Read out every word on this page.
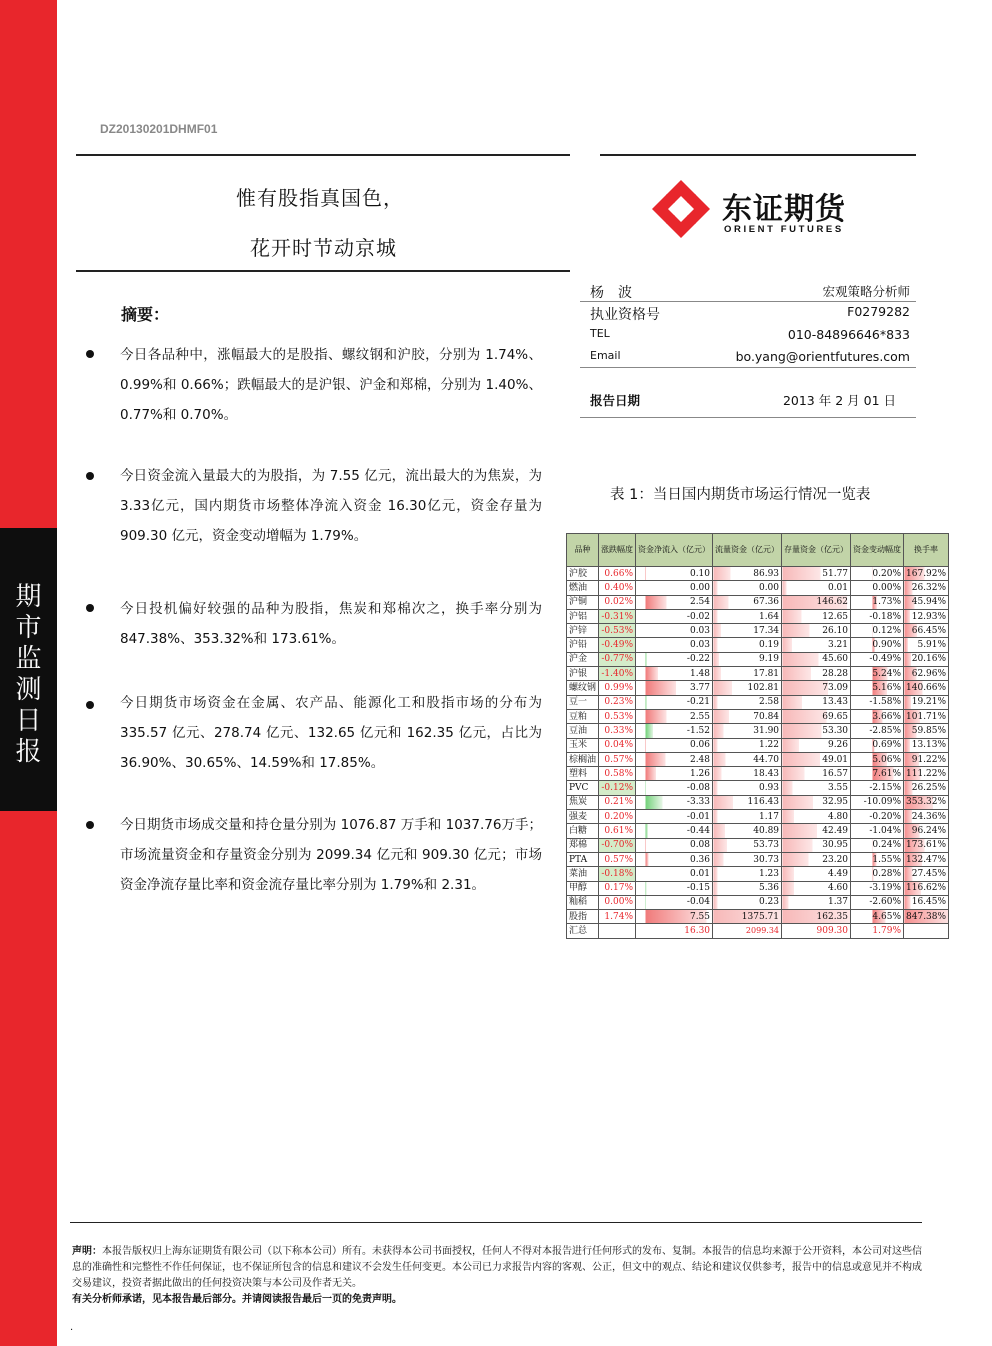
期
市
监
测
日
报
DZ20130201DHMF01
惟有股指真国色，
花开时节动京城
东证期货
ORIENT FUTURES
摘要：
今日各品种中，涨幅最大的是股指、螺纹钢和沪胶，分别为 1.74%、0.99%和 0.66%；跌幅最大的是沪银、沪金和郑棉，分别为 1.40%、0.77%和 0.70%。
今日资金流入量最大的为股指，为 7.55 亿元，流出最大的为焦炭，为 3.33亿元，国内期货市场整体净流入资金 16.30亿元，资金存量为 909.30 亿元，资金变动增幅为 1.79%。
今日投机偏好较强的品种为股指，焦炭和郑棉次之，换手率分别为 847.38%、353.32%和 173.61%。
今日期货市场资金在金属、农产品、能源化工和股指市场的分布为 335.57 亿元、278.74 亿元、132.65 亿元和 162.35 亿元，占比为 36.90%、30.65%、14.59%和 17.85%。
今日期货市场成交量和持仓量分别为 1076.87 万手和 1037.76万手；市场流量资金和存量资金分别为 2099.34 亿元和 909.30 亿元；市场资金净流存量比率和资金流存量比率分别为 1.79%和 2.31。
杨　波	宏观策略分析师
执业资格号	F0279282
TEL	010-84896646*833
Email	bo.yang@orientfutures.com
报告日期	2013 年 2 月 01 日
表 1：当日国内期货市场运行情况一览表
品种	涨跌幅度	资金净流入（亿元）	流量资金（亿元）	存量资金（亿元）	资金变动幅度	换手率
沪胶	0.66%	0.10	86.93	51.77	0.20%	167.92%
燃油	0.40%	0.00	0.00	0.01	0.00%	26.32%
沪铜	0.02%	2.54	67.36	146.62	1.73%	45.94%
沪铝	-0.31%	-0.02	1.64	12.65	-0.18%	12.93%
沪锌	-0.53%	0.03	17.34	26.10	0.12%	66.45%
沪铅	-0.49%	0.03	0.19	3.21	0.90%	5.91%
沪金	-0.77%	-0.22	9.19	45.60	-0.49%	20.16%
沪银	-1.40%	1.48	17.81	28.28	5.24%	62.96%
螺纹钢	0.99%	3.77	102.81	73.09	5.16%	140.66%
豆一	0.23%	-0.21	2.58	13.43	-1.58%	19.21%
豆粕	0.53%	2.55	70.84	69.65	3.66%	101.71%
豆油	0.33%	-1.52	31.90	53.30	-2.85%	59.85%
玉米	0.04%	0.06	1.22	9.26	0.69%	13.13%
棕榈油	0.57%	2.48	44.70	49.01	5.06%	91.22%
塑料	0.58%	1.26	18.43	16.57	7.61%	111.22%
PVC	-0.12%	-0.08	0.93	3.55	-2.15%	26.25%
焦炭	0.21%	-3.33	116.43	32.95	-10.09%	353.32%
强麦	0.20%	-0.01	1.17	4.80	-0.20%	24.36%
白糖	0.61%	-0.44	40.89	42.49	-1.04%	96.24%
郑棉	-0.70%	0.08	53.73	30.95	0.24%	173.61%
PTA	0.57%	0.36	30.73	23.20	1.55%	132.47%
菜油	-0.18%	0.01	1.23	4.49	0.28%	27.45%
甲醇	0.17%	-0.15	5.36	4.60	-3.19%	116.62%
籼稻	0.00%	-0.04	0.23	1.37	-2.60%	16.45%
股指	1.74%	7.55	1375.71	162.35	4.65%	847.38%
汇总		16.30	2099.34	909.30	1.79%	
声明：本报告版权归上海东证期货有限公司（以下称本公司）所有。未获得本公司书面授权，任何人不得对本报告进行任何形式的发布、复制。本报告的信息均来源于公开资料，本公司对这些信息的准确性和完整性不作任何保证，也不保证所包含的信息和建议不会发生任何变更。本公司已力求报告内容的客观、公正，但文中的观点、结论和建议仅供参考，报告中的信息或意见并不构成交易建议，投资者据此做出的任何投资决策与本公司及作者无关。
有关分析师承诺，见本报告最后部分。并请阅读报告最后一页的免责声明。
.
